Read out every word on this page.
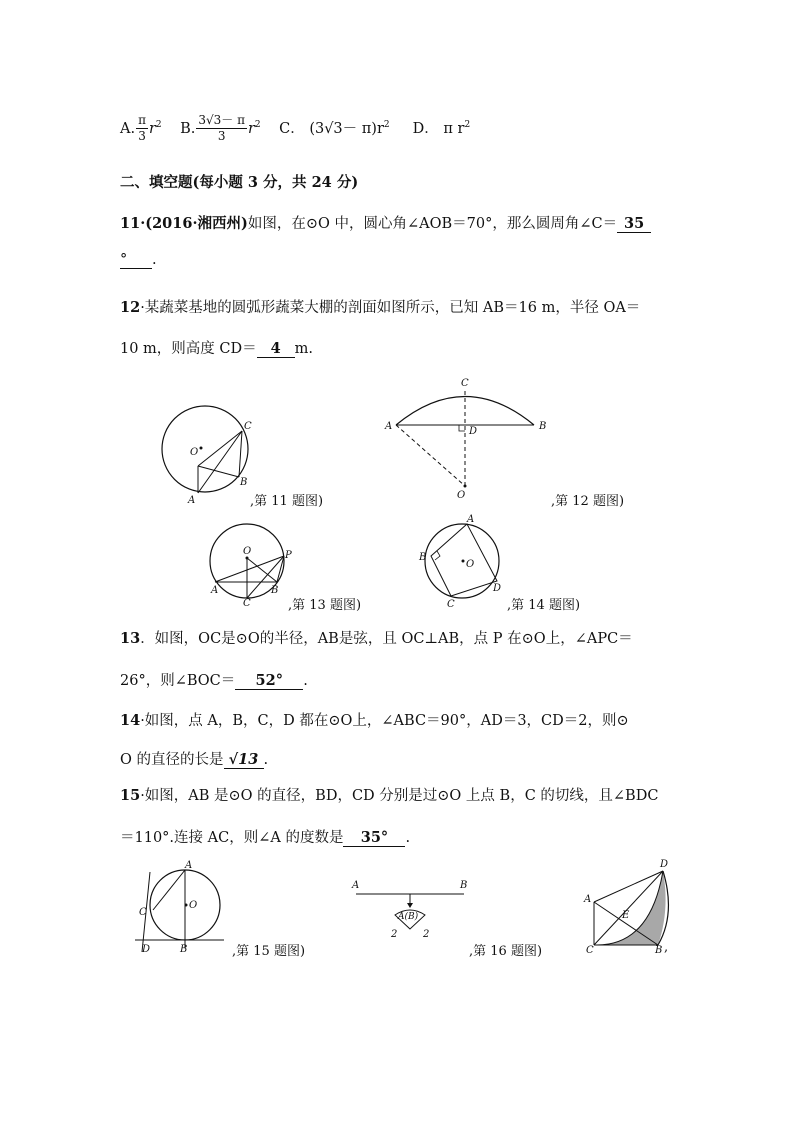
A. $\frac{\pi}{3} r^2$ B. $\frac{3√3- \pi}{3} r^2$ C． $(3√3- \pi)r^2$ D． π $r^2$
二、填空题(每小题 3 分，共 24 分)
11·(2016·湘西州)如图，在⊙O 中，圆心角∠AOB＝70°，那么圆周角∠C＝ 35
° .
12·某蔬菜基地的圆弧形蔬菜大棚的剖面如图所示，已知 AB＝16 m，半径 OA＝
10 m，则高度 CD＝ 4 m.
O
C
B
A	,第 11 题图)
C
A	B
D
O	,第 12 题图)
O	P
A	B
C	,第 13 题图)
A
B
O
D
C	,第 14 题图)
13．如图，OC是⊙O的半径，AB是弦，且 OC⊥AB，点 P 在⊙O上，∠APC＝
26°，则∠BOC＝ 52° .
14·如图，点 A，B，C，D 都在⊙O上，∠ABC＝90°，AD＝3，CD＝2，则⊙
O 的直径的长是 √13 .
15·如图，AB 是⊙O 的直径，BD，CD 分别是过⊙O 上点 B，C 的切线，且∠BDC
＝110°.连接 AC，则∠A 的度数是 35° .
A
O
C
D	B	,第 15 题图)
A	B
A(B)
2	2
,第 16 题图)
D
A
E
C	B ,
